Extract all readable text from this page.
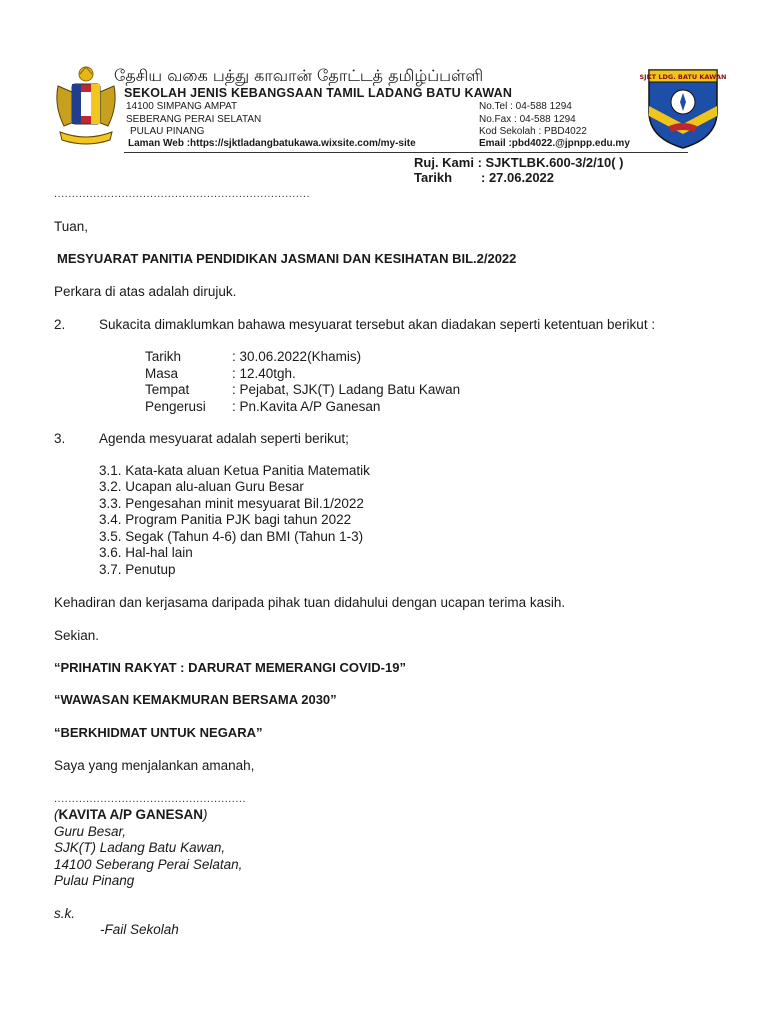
SJKT LDG. BATU KAWAN
தேசிய வகை பத்து காவான் தோட்டத் தமிழ்ப்பள்ளி
SEKOLAH JENIS KEBANGSAAN TAMIL LADANG BATU KAWAN
14100 SIMPANG AMPAT
SEBERANG PERAI SELATAN
PULAU PINANG
No.Tel : 04-588 1294
No.Fax : 04-588 1294
Kod Sekolah : PBD4022
Laman Web :https://sjktladangbatukawa.wixsite.com/my-site	Email :pbd4022.@jpnpp.edu.my
Ruj. Kami : SJKTLBK.600-3/2/10( )
Tarikh : 27.06.2022
........................................................................
Tuan,
MESYUARAT PANITIA PENDIDIKAN JASMANI DAN KESIHATAN BIL.2/2022
Perkara di atas adalah dirujuk.
2. Sukacita dimaklumkan bahawa mesyuarat tersebut akan diadakan seperti ketentuan berikut :
Tarikh	: 30.06.2022(Khamis)
Masa	: 12.40tgh.
Tempat	: Pejabat, SJK(T) Ladang Batu Kawan
Pengerusi : Pn.Kavita A/P Ganesan
3. Agenda mesyuarat adalah seperti berikut;
3.1. Kata-kata aluan Ketua Panitia Matematik
3.2. Ucapan alu-aluan Guru Besar
3.3. Pengesahan minit mesyuarat Bil.1/2022
3.4. Program Panitia PJK bagi tahun 2022
3.5. Segak (Tahun 4-6) dan BMI (Tahun 1-3)
3.6. Hal-hal lain
3.7. Penutup
Kehadiran dan kerjasama daripada pihak tuan didahului dengan ucapan terima kasih.
Sekian.
“PRIHATIN RAKYAT : DARURAT MEMERANGI COVID-19”
“WAWASAN KEMAKMURAN BERSAMA 2030”
“BERKHIDMAT UNTUK NEGARA”
Saya yang menjalankan amanah,
......................................................
(KAVITA A/P GANESAN)
Guru Besar,
SJK(T) Ladang Batu Kawan,
14100 Seberang Perai Selatan,
Pulau Pinang
s.k.
-Fail Sekolah
